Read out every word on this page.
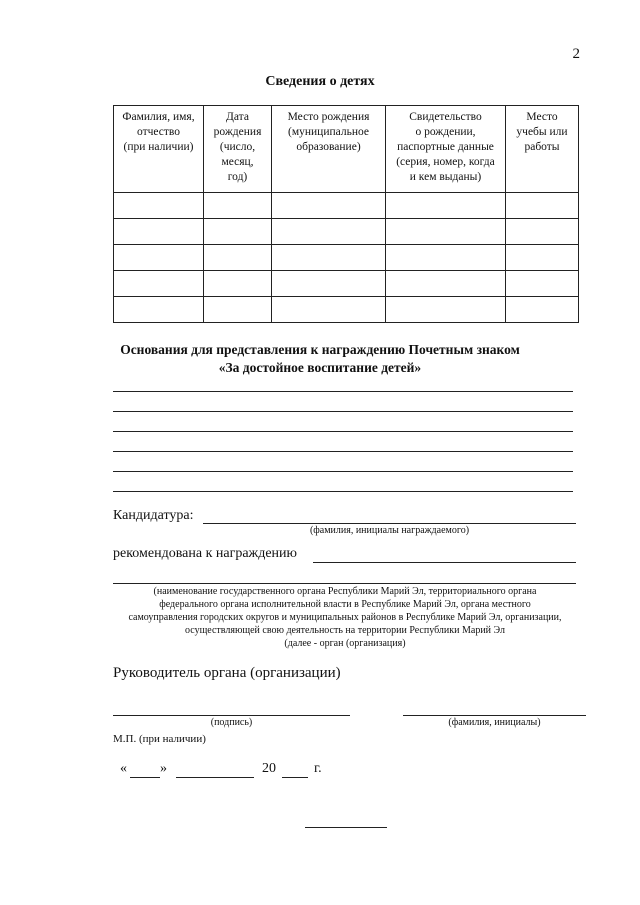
2
Сведения о детях
Фамилия, имя,
отчество
(при наличии)	Дата
рождения
(число,
месяц,
год)	Место рождения
(муниципальное
образование)	Свидетельство
о рождении,
паспортные данные
(серия, номер, когда
и кем выданы)	Место
учебы или
работы

Основания для представления к награждению Почетным знаком
«За достойное воспитание детей»
Кандидатура:
(фамилия, инициалы награждаемого)
рекомендована к награждению
(наименование государственного органа Республики Марий Эл, территориального органа
федерального органа исполнительной власти в Республике Марий Эл, органа местного
самоуправления городских округов и муниципальных районов в Республике Марий Эл, организации,
осуществляющей свою деятельность на территории Республики Марий Эл
(далее - орган (организация)
Руководитель органа (организации)
(подпись)	(фамилия, инициалы)
М.П. (при наличии)
« »	20	г.
